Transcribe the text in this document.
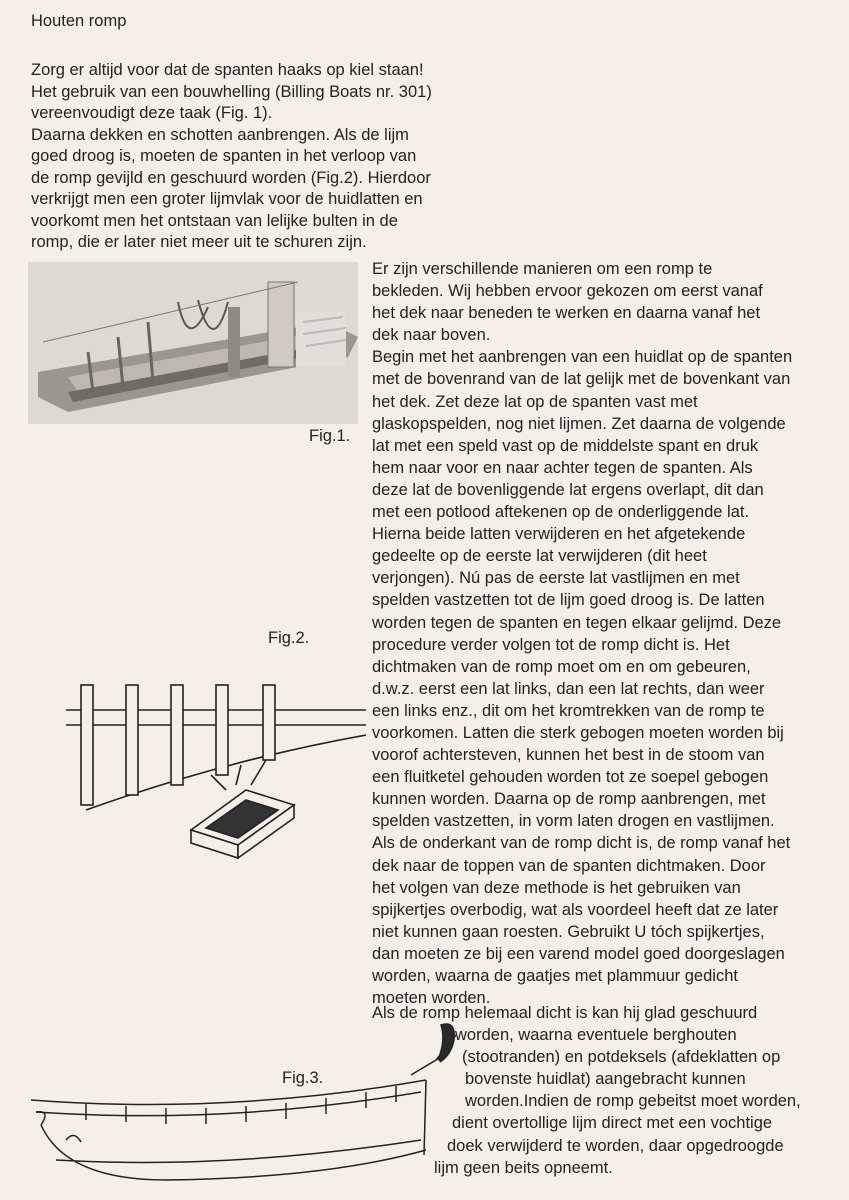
Houten romp

Zorg er altijd voor dat de spanten haaks op kiel staan!

Het gebruik van een bouwhelling (Billing Boats nr. 301)

vereenvoudigt deze taak (Fig. 1).

Daarna dekken en schotten aanbrengen. Als de lijm

goed droog is, moeten de spanten in het verloop van

de romp gevijld en geschuurd worden (Fig.2). Hierdoor

verkrijgt men een groter lijmvlak voor de huidlatten en

voorkomt men het ontstaan van lelijke bulten in de

romp, die er later niet meer uit te schuren zijn.

Fig.1.
Fig.2.
Fig.3.

Er zijn verschillende manieren om een romp te

bekleden. Wij hebben ervoor gekozen om eerst vanaf

het dek naar beneden te werken en daarna vanaf het

dek naar boven.

Begin met het aanbrengen van een huidlat op de spanten

met de bovenrand van de lat gelijk met de bovenkant van

het dek. Zet deze lat op de spanten vast met

glaskopspelden, nog niet lijmen. Zet daarna de volgende

lat met een speld vast op de middelste spant en druk

hem naar voor en naar achter tegen de spanten. Als

deze lat de bovenliggende lat ergens overlapt, dit dan

met een potlood aftekenen op de onderliggende lat.

Hierna beide latten verwijderen en het afgetekende

gedeelte op de eerste lat verwijderen (dit heet

verjongen). Nú pas de eerste lat vastlijmen en met

spelden vastzetten tot de lijm goed droog is. De latten

worden tegen de spanten en tegen elkaar gelijmd. Deze

procedure verder volgen tot de romp dicht is. Het

dichtmaken van de romp moet om en om gebeuren,

d.w.z. eerst een lat links, dan een lat rechts, dan weer

een links enz., dit om het kromtrekken van de romp te

voorkomen. Latten die sterk gebogen moeten worden bij

voorof achtersteven, kunnen het best in de stoom van

een fluitketel gehouden worden tot ze soepel gebogen

kunnen worden. Daarna op de romp aanbrengen, met

spelden vastzetten, in vorm laten drogen en vastlijmen.

Als de onderkant van de romp dicht is, de romp vanaf het

dek naar de toppen van de spanten dichtmaken. Door

het volgen van deze methode is het gebruiken van

spijkertjes overbodig, wat als voordeel heeft dat ze later

niet kunnen gaan roesten. Gebruikt U tóch spijkertjes,

dan moeten ze bij een varend model goed doorgeslagen

worden, waarna de gaatjes met plammuur gedicht

moeten worden.

Als de romp helemaal dicht is kan hij glad geschuurd

worden, waarna eventuele berghouten

(stootranden) en potdeksels (afdeklatten op

bovenste huidlat) aangebracht kunnen

worden.Indien de romp gebeitst moet worden,

dient overtollige lijm direct met een vochtige

doek verwijderd te worden, daar opgedroogde

lijm geen beits opneemt.
